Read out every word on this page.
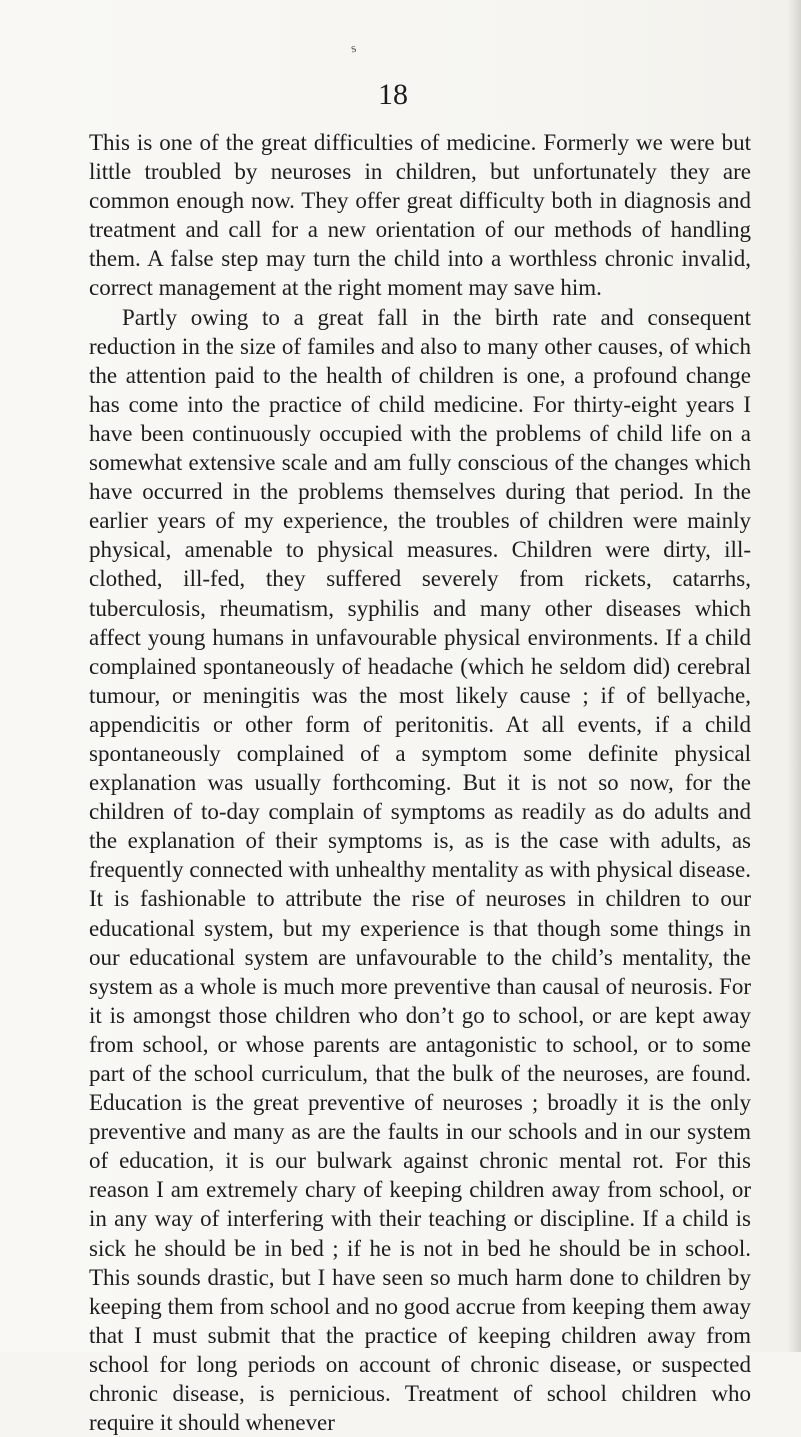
s
18

This is one of the great difficulties of medicine. Formerly we were but little troubled by neuroses in children, but unfortunately they are common enough now. They offer great difficulty both in diagnosis and treatment and call for a new orientation of our methods of handling them. A false step may turn the child into a worthless chronic invalid, correct management at the right moment may save him.

Partly owing to a great fall in the birth rate and consequent reduction in the size of familes and also to many other causes, of which the attention paid to the health of children is one, a profound change has come into the practice of child medicine. For thirty-eight years I have been continuously occupied with the problems of child life on a somewhat extensive scale and am fully conscious of the changes which have occurred in the problems themselves during that period. In the earlier years of my experience, the troubles of children were mainly physical, amenable to physical measures. Children were dirty, ill-clothed, ill-fed, they suffered severely from rickets, catarrhs, tuberculosis, rheumatism, syphilis and many other diseases which affect young humans in unfavourable physical environments. If a child complained spontaneously of headache (which he seldom did) cerebral tumour, or meningitis was the most likely cause ; if of bellyache, appendicitis or other form of peritonitis. At all events, if a child spontaneously complained of a symptom some definite physical explanation was usually forthcoming. But it is not so now, for the children of to-day complain of symptoms as readily as do adults and the explanation of their symptoms is, as is the case with adults, as frequently connected with unhealthy mentality as with physical disease. It is fashionable to attribute the rise of neuroses in children to our educational system, but my experience is that though some things in our educational system are unfavourable to the child’s mentality, the system as a whole is much more preventive than causal of neurosis. For it is amongst those children who don’t go to school, or are kept away from school, or whose parents are antagonistic to school, or to some part of the school curriculum, that the bulk of the neuroses, are found. Education is the great preventive of neuroses ; broadly it is the only preventive and many as are the faults in our schools and in our system of education, it is our bulwark against chronic mental rot. For this reason I am extremely chary of keeping children away from school, or in any way of interfering with their teaching or discipline. If a child is sick he should be in bed ; if he is not in bed he should be in school. This sounds drastic, but I have seen so much harm done to children by keeping them from school and no good accrue from keeping them away that I must submit that the practice of keeping children away from school for long periods on account of chronic disease, or suspected chronic disease, is pernicious. Treatment of school children who require it should whenever
